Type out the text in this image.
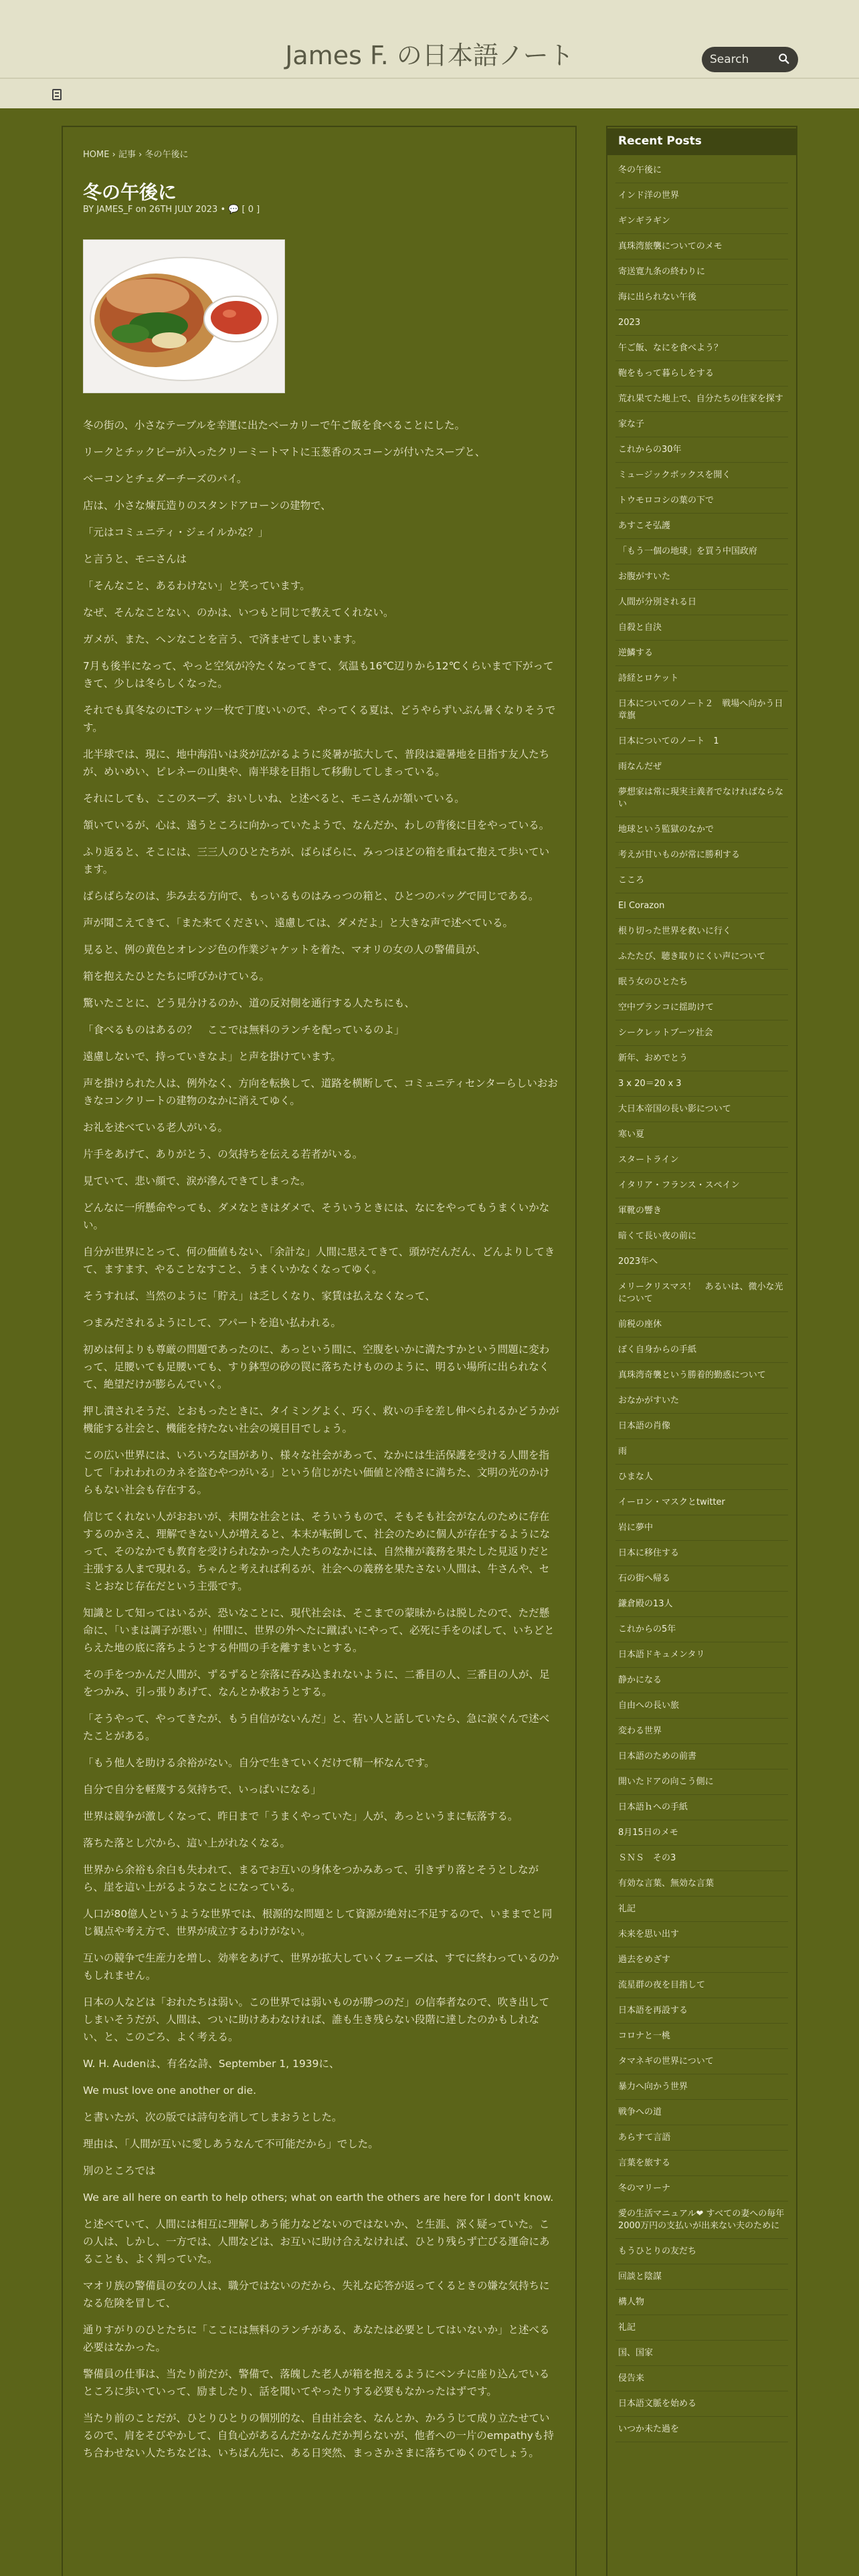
James F. の日本語ノート
Search
HOME › 記事 › 冬の午後に
冬の午後に
BY JAMES_F on 26TH JULY 2023 • 💬 [ 0 ]

冬の街の、小さなテーブルを幸運に出たベーカリーで午ご飯を食べることにした。

リークとチックピーが入ったクリーミートマトに玉葱香のスコーンが付いたスープと、

ベーコンとチェダーチーズのパイ。

店は、小さな煉瓦造りのスタンドアローンの建物で、

「元はコミュニティ・ジェイルかな？」

と言うと、モニさんは

「そんなこと、あるわけない」と笑っています。

なぜ、そんなことない、のかは、いつもと同じで教えてくれない。

ガメが、また、ヘンなことを言う、で済ませてしまいます。

7月も後半になって、やっと空気が冷たくなってきて、気温も16℃辺りから12℃くらいまで下がってきて、少しは冬らしくなった。

それでも真冬なのにTシャツ一枚で丁度いいので、やってくる夏は、どうやらずいぶん暑くなりそうです。

北半球では、現に、地中海沿いは炎が広がるように炎暑が拡大して、普段は避暑地を目指す友人たちが、めいめい、ピレネーの山奥や、南半球を目指して移動してしまっている。

それにしても、ここのスープ、おいしいね、と述べると、モニさんが頷いている。

頷いているが、心は、遠うところに向かっていたようで、なんだか、わしの背後に目をやっている。

ふり返ると、そこには、三三人のひとたちが、ばらばらに、みっつほどの箱を重ねて抱えて歩いています。

ばらばらなのは、歩み去る方向で、もっいるものはみっつの箱と、ひとつのバッグで同じである。

声が聞こえてきて、「また来てください、遠慮しては、ダメだよ」と大きな声で述べている。

見ると、例の黄色とオレンジ色の作業ジャケットを着た、マオリの女の人の警備員が、

箱を抱えたひとたちに呼びかけている。

驚いたことに、どう見分けるのか、道の反対側を通行する人たちにも、

「食べるものはあるの？　ここでは無料のランチを配っているのよ」

遠慮しないで、持っていきなよ」と声を掛けています。

声を掛けられた人は、例外なく、方向を転換して、道路を横断して、コミュニティセンターらしいおおきなコンクリートの建物のなかに消えてゆく。

お礼を述べている老人がいる。

片手をあげて、ありがとう、の気持ちを伝える若者がいる。

見ていて、悲い顔で、涙が滲んできてしまった。

どんなに一所懸命やっても、ダメなときはダメで、そういうときには、なにをやってもうまくいかない。

自分が世界にとって、何の価値もない、「余計な」人間に思えてきて、頭がだんだん、どんよりしてきて、ますます、やることなすこと、うまくいかなくなってゆく。

そうすれば、当然のように「貯え」は乏しくなり、家賃は払えなくなって、

つまみだされるようにして、アパートを追い払われる。

初めは何よりも尊厳の問題であったのに、あっという間に、空腹をいかに満たすかという問題に変わって、足腰いても足腰いても、すり鉢型の砂の罠に落ちたけもののように、明るい場所に出られなくて、絶望だけが膨らんでいく。

押し潰されそうだ、とおもったときに、タイミングよく、巧く、救いの手を差し伸べられるかどうかが機能する社会と、機能を持たない社会の境目目でしょう。

この広い世界には、いろいろな国があり、様々な社会があって、なかには生活保護を受ける人間を指して「われわれのカネを盗むやつがいる」という信じがたい価値と冷酷さに満ちた、文明の光のかけらもない社会も存在する。

信じてくれない人がおおいが、未開な社会とは、そういうもので、そもそも社会がなんのために存在するのかさえ、理解できない人が増えると、本末が転倒して、社会のために個人が存在するようになって、そのなかでも教育を受けられなかった人たちのなかには、自然権が義務を果たした見返りだと主張する人まで現れる。ちゃんと考えれば利るが、社会への義務を果たさない人間は、牛さんや、セミとおなじ存在だという主張です。

知識として知ってはいるが、恐いなことに、現代社会は、そこまでの蒙昧からは脱したので、ただ懸命に、「いまは調子が悪い」仲間に、世界の外へたに蹴ばいにやって、必死に手をのばして、いちどとらえた地の底に落ちようとする仲間の手を離すまいとする。

その手をつかんだ人間が、ずるずると奈落に吞み込まれないように、二番目の人、三番目の人が、足をつかみ、引っ張りあげて、なんとか救おうとする。

「そうやって、やってきたが、もう自信がないんだ」と、若い人と話していたら、急に涙ぐんで述べたことがある。

「もう他人を助ける余裕がない。自分で生きていくだけで精一杯なんです。

自分で自分を軽蔑する気持ちで、いっぱいになる」

世界は競争が激しくなって、昨日まで「うまくやっていた」人が、あっというまに転落する。

落ちた落とし穴から、這い上がれなくなる。

世界から余裕も余白も失われて、まるでお互いの身体をつかみあって、引きずり落とそうとしながら、崖を這い上がるようなことになっている。

人口が80億人というような世界では、根源的な問題として資源が絶対に不足するので、いままでと同じ観点や考え方で、世界が成立するわけがない。

互いの競争で生産力を増し、効率をあげて、世界が拡大していくフェーズは、すでに終わっているのかもしれません。

日本の人などは「おれたちは弱い。この世界では弱いものが勝つのだ」の信奉者なので、吹き出してしまいそうだが、人間は、ついに助けあわなければ、誰も生き残らない段階に達したのかもしれない、と、このごろ、よく考える。

W. H. Audenは、有名な詩、September 1, 1939に、

We must love one another or die.

と書いたが、次の版では詩句を消してしまおうとした。

理由は、「人間が互いに愛しあうなんて不可能だから」でした。

別のところでは

We are all here on earth to help others; what on earth the others are here for I don't know.

と述べていて、人間には相互に理解しあう能力などないのではないか、と生涯、深く疑っていた。この人は、しかし、一方では、人間などは、お互いに助け合えなければ、ひとり残らず亡びる運命にあることも、よく判っていた。

マオリ族の警備員の女の人は、職分ではないのだから、失礼な応答が返ってくるときの嫌な気持ちになる危険を冒して、

通りすがりのひとたちに「ここには無料のランチがある、あなたは必要としてはいないか」と述べる必要はなかった。

警備員の仕事は、当たり前だが、警備で、落魄した老人が箱を抱えるようにベンチに座り込んでいるところに歩いていって、励ましたり、話を聞いてやったりする必要もなかったはずです。

当たり前のことだが、ひとりひとりの個別的な、自由社会を、なんとか、かろうじて成り立たせているので、肩をそびやかして、自負心があるんだかなんだか判らないが、他者への一片のempathyも持ち合わせない人たちなどは、いちばん先に、ある日突然、まっさかさまに落ちてゆくのでしょう。

Recent Posts
冬の午後に
インド洋の世界
ギンギラギン
真珠湾旅襲についてのメモ
寄送寛九条の終わりに
海に出られない午後
2023
午ご飯、なにを食べよう？
鞄をもって暮らしをする
荒れ果てた地上で、自分たちの住家を探す
家な子
これからの30年
ミュージックボックスを開く
トウモロコシの葉の下で
あすこそ弘護
「もう一個の地球」を買う中国政府
お腹がすいた
人間が分別される日
自殺と自決
逆鱗する
詩経とロケット
日本についてのノート２　戦場へ向かう日章旗
日本についてのノート　1
雨なんだぜ
夢想家は常に現実主義者でなければならない
地球という監獄のなかで
考えが甘いものが常に勝利する
こころ
El Corazon
根り切った世界を救いに行く
ふたたび、聴き取りにくい声について
眠う女のひとたち
空中ブランコに揺助けて
シークレットブーツ社会
新年、おめでとう
3 x 20＝20 x 3
大日本帝国の長い影について
寒い夏
スタートライン
イタリア・フランス・スペイン
軍靴の響き
暗くて長い夜の前に
2023年へ
メリークリスマス！　あるいは、微小な光について
前税の座休
ぼく自身からの手紙
真珠湾奇襲という勝着的勤惑について
おなかがすいた
日本語の肖像
雨
ひまな人
イーロン・マスクとtwitter
岩に夢中
日本に移住する
石の街へ帰る
鎌倉殿の13人
これからの5年
日本語ドキュメンタリ
静かになる
自由への長い旅
変わる世界
日本語のための前書
開いたドアの向こう側に
日本語ｈへの手紙
8月15日のメモ
ＳＮＳ　その3
有効な言葉、無効な言葉
礼記
未来を思い出す
過去をめざす
流星群の夜を目指して
日本語を再設する
コロナと一桃
タマネギの世界について
暴力へ向かう世界
戦争への道
あらすて言語
言葉を旅する
冬のマリーナ
愛の生活マニュアル❤︎ すべての妻への毎年2000万円の支払いが出来ない夫のために
もうひとりの友だち
回談と陰謀
構人物
礼記
国、国家
侵告来
日本語文脈を始める
いつか未た過を
